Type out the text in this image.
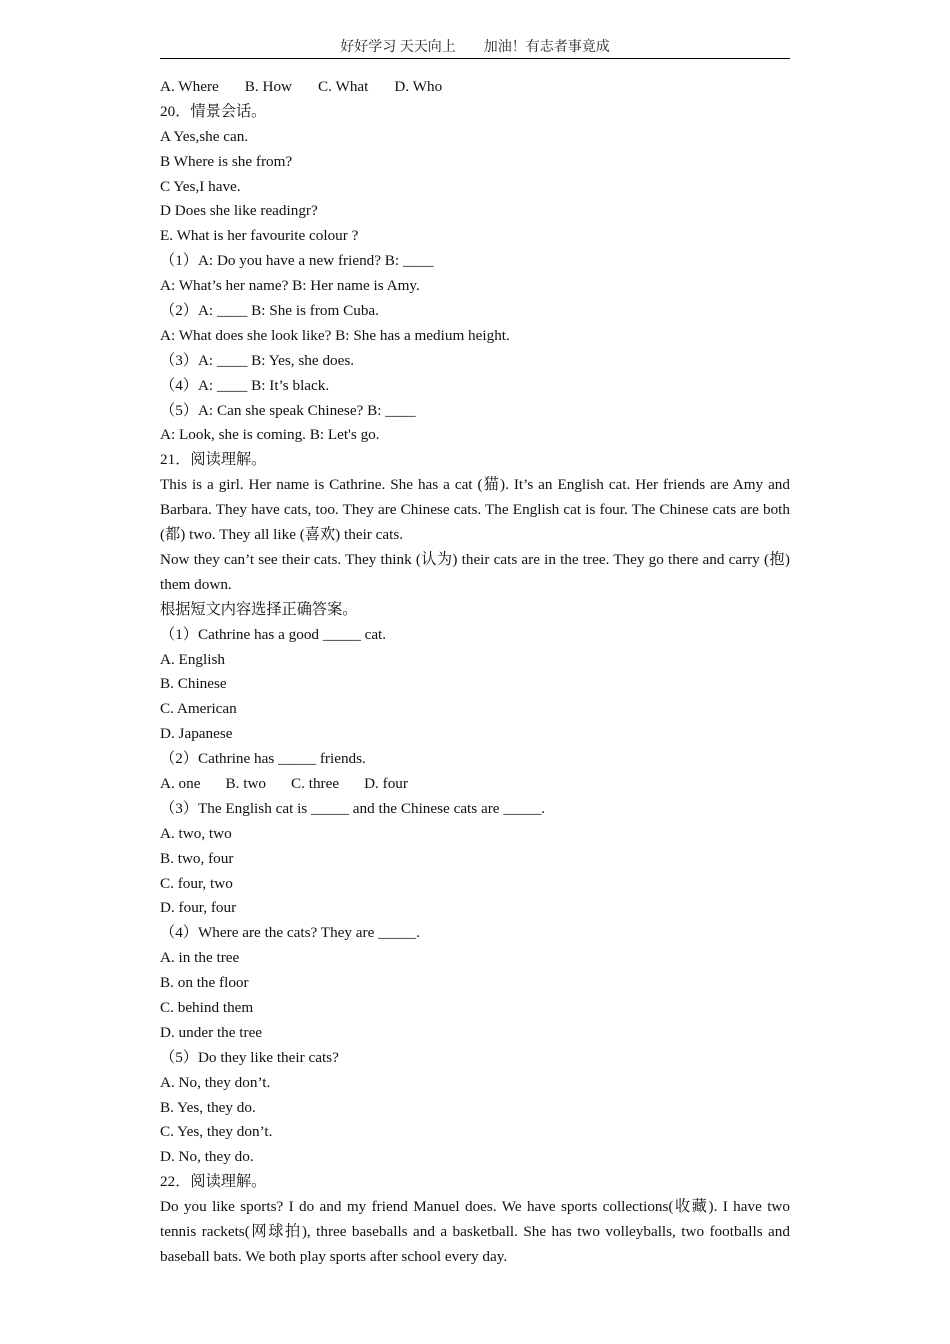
好好学习 天天向上 加油！有志者事竟成
A. Where B. How C. What D. Who
20．情景会话。
A Yes,she can.
B Where is she from?
C Yes,I have.
D Does she like readingr?
E. What is her favourite colour ?
（1）A: Do you have a new friend? B: ____
A: What’s her name? B: Her name is Amy.
（2）A: ____ B: She is from Cuba.
A: What does she look like? B: She has a medium height.
（3）A: ____ B: Yes, she does.
（4）A: ____ B: It’s black.
（5）A: Can she speak Chinese? B: ____
A: Look, she is coming. B: Let's go.
21．阅读理解。
This is a girl. Her name is Cathrine. She has a cat (猫). It’s an English cat. Her friends are Amy and Barbara. They have cats, too. They are Chinese cats. The English cat is four. The Chinese cats are both (都) two. They all like (喜欢) their cats.
Now they can’t see their cats. They think (认为) their cats are in the tree. They go there and carry (抱) them down.
根据短文内容选择正确答案。
（1）Cathrine has a good _____ cat.
A. English
B. Chinese
C. American
D. Japanese
（2）Cathrine has _____ friends.
A. one B. two C. three D. four
（3）The English cat is _____ and the Chinese cats are _____.
A. two, two
B. two, four
C. four, two
D. four, four
（4）Where are the cats? They are _____.
A. in the tree
B. on the floor
C. behind them
D. under the tree
（5）Do they like their cats?
A. No, they don’t.
B. Yes, they do.
C. Yes, they don’t.
D. No, they do.
22．阅读理解。
Do you like sports? I do and my friend Manuel does. We have sports collections(收藏). I have two tennis rackets(网球拍), three baseballs and a basketball. She has two volleyballs, two footballs and baseball bats. We both play sports after school every day.
